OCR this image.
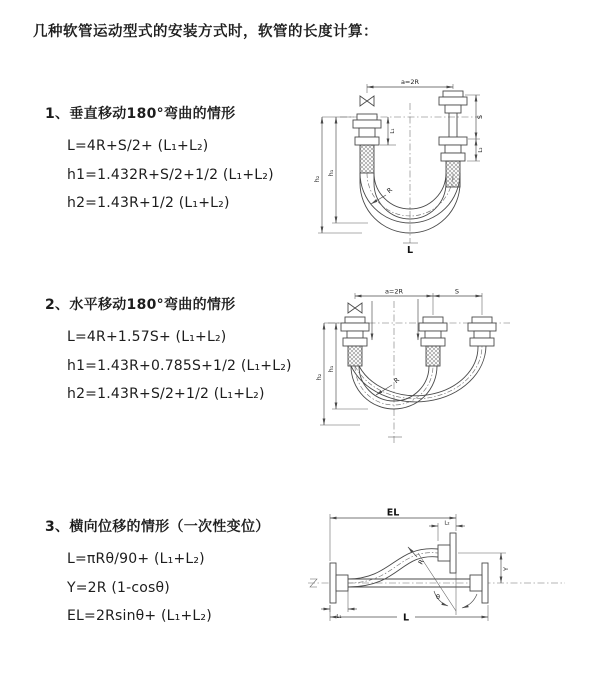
几种软管运动型式的安装方式时，软管的长度计算：
1、垂直移动180°弯曲的情形
L=4R+S/2+ (L₁+L₂)
h1=1.432R+S/2+1/2 (L₁+L₂)
h2=1.43R+1/2 (L₁+L₂)
a=2R
h₂
h₁
L₁
S
L₂
R
L
2、水平移动180°弯曲的情形
L=4R+1.57S+ (L₁+L₂)
h1=1.43R+0.785S+1/2 (L₁+L₂)
h2=1.43R+S/2+1/2 (L₁+L₂)
a=2R	S
h₂
h₁
R
3、横向位移的情形（一次性变位）
L=πRθ/90+ (L₁+L₂)
Y=2R (1-cosθ)
EL=2Rsinθ+ (L₁+L₂)
EL
L₂
Y
L
L₁
θ
R
